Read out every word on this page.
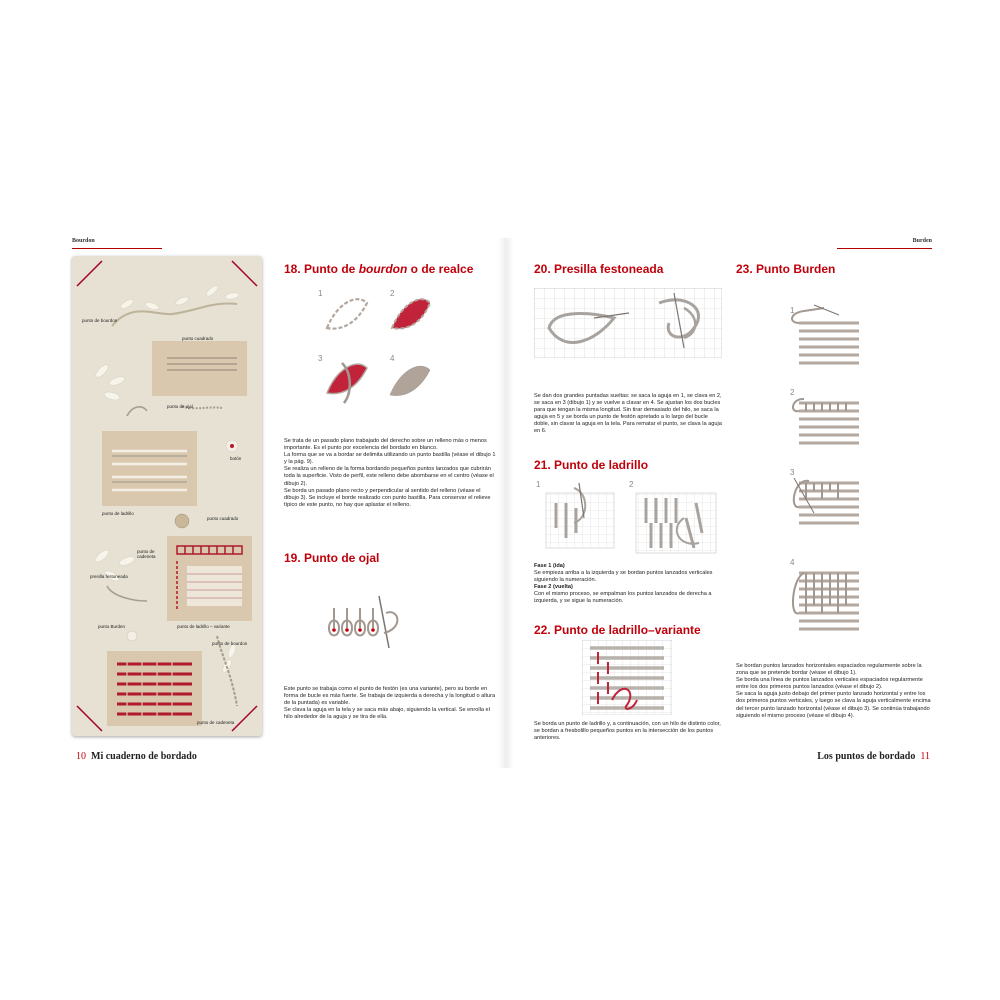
Bourdon
punto de bourdon
punto cuadrado
punto de ojal
botón
punto de ladrillo
punto cuadrado
punto de cadeneta
presilla festoneada
punto Burden	punto de ladrillo – variante
punto de bourdon
punto de cadeneta
18. Punto de bourdon o de realce
1	2
3	4

Se trata de un pasado plano trabajado del derecho sobre un relleno más o menos importante. Es el punto por excelencia del bordado en blanco.

La forma que se va a bordar se delimita utilizando un punto bastilla (véase el dibujo 1 y la pág. 9).

Se realiza un relleno de la forma bordando pequeños puntos lanzados que cubrirán toda la superficie. Visto de perfil, este relleno debe abombarse en el centro (véase el dibujo 2).

Se borda un pasado plano recto y perpendicular al sentido del relleno (véase el dibujo 3). Se incluye el borde realizado con punto bastilla. Para conservar el relieve típico de este punto, no hay que aplastar el relleno.

19. Punto de ojal

Este punto se trabaja como el punto de festón (es una variante), pero su borde en forma de bucle es más fuerte. Se trabaja de izquierda a derecha y la longitud o altura de la puntada) es variable.

Se clava la aguja en la tela y se saca más abajo, siguiendo la vertical. Se enrolla el hilo alrededor de la aguja y se tira de ella.

10 Mi cuaderno de bordado
Burden
20. Presilla festoneada
Se dan dos grandes puntadas sueltas: se saca la aguja en 1, se clava en 2, se saca en 3 (dibujo 1) y se vuelve a clavar en 4. Se ajustan los dos bucles para que tengan la misma longitud. Sin tirar demasiado del hilo, se saca la aguja en 5 y se borda un punto de festón apretado a lo largo del bucle doble, sin clavar la aguja en la tela. Para rematar el punto, se clava la aguja en 6.
21. Punto de ladrillo
1	2

Fase 1 (ida)

Se empieza arriba a la izquierda y se bordan puntos lanzados verticales siguiendo la numeración.

Fase 2 (vuelta)

Con el mismo proceso, se empalman los puntos lanzados de derecha a izquierda, y se sigue la numeración.

22. Punto de ladrillo–variante
Se borda un punto de ladrillo y, a continuación, con un hilo de distinto color, se bordan a fresbolillo pequeños puntos en la intersección de los puntos anteriores.
23. Punto Burden
1
2
3
4

Se bordan puntos lanzados horizontales espaciados regularmente sobre la zona que se pretende bordar (véase el dibujo 1).

Se borda una línea de puntos lanzados verticales espaciados regularmente entre los dos primeros puntos lanzados (véase el dibujo 2).

Se saca la aguja justo debajo del primer punto lanzado horizontal y entre los dos primeros puntos verticales, y luego se clava la aguja verticalmente encima del tercer punto lanzado horizontal (véase el dibujo 3). Se continúa trabajando siguiendo el mismo proceso (véase el dibujo 4).

Los puntos de bordado 11
